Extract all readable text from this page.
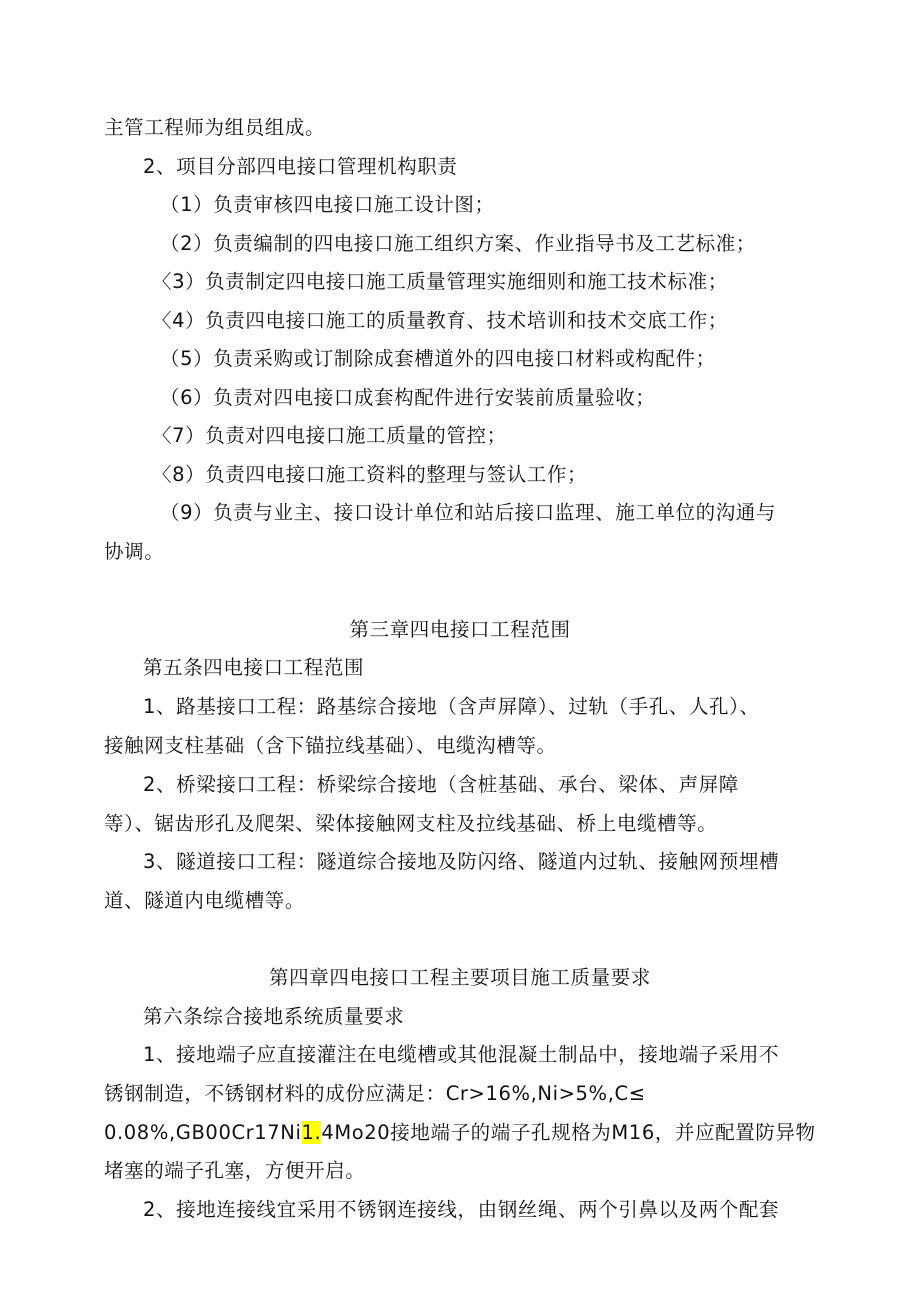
主管工程师为组员组成。

2、项目分部四电接口管理机构职责

（1）负责审核四电接口施工设计图；

（2）负责编制的四电接口施工组织方案、作业指导书及工艺标准；

〈3）负责制定四电接口施工质量管理实施细则和施工技术标准；

〈4）负责四电接口施工的质量教育、技术培训和技术交底工作；

（5）负责采购或订制除成套槽道外的四电接口材料或构配件；

（6）负责对四电接口成套构配件进行安装前质量验收；

〈7）负责对四电接口施工质量的管控；

〈8）负责四电接口施工资料的整理与签认工作；

（9）负责与业主、接口设计单位和站后接口监理、施工单位的沟通与

协调。

第三章四电接口工程范围

第五条四电接口工程范围

1、路基接口工程：路基综合接地（含声屏障）、过轨（手孔、人孔）、

接触网支柱基础（含下锚拉线基础）、电缆沟槽等。

2、桥梁接口工程：桥梁综合接地（含桩基础、承台、梁体、声屏障

等）、锯齿形孔及爬架、梁体接触网支柱及拉线基础、桥上电缆槽等。

3、隧道接口工程：隧道综合接地及防闪络、隧道内过轨、接触网预埋槽

道、隧道内电缆槽等。

第四章四电接口工程主要项目施工质量要求

第六条综合接地系统质量要求

1、接地端子应直接灌注在电缆槽或其他混凝土制品中，接地端子采用不

锈钢制造，不锈钢材料的成份应满足：Cr>16%,Ni>5%,C≤

0.08%,GB00Cr17Ni1.4Mo20接地端子的端子孔规格为M16，并应配置防异物

堵塞的端子孔塞，方便开启。

2、接地连接线宜采用不锈钢连接线，由钢丝绳、两个引鼻以及两个配套
